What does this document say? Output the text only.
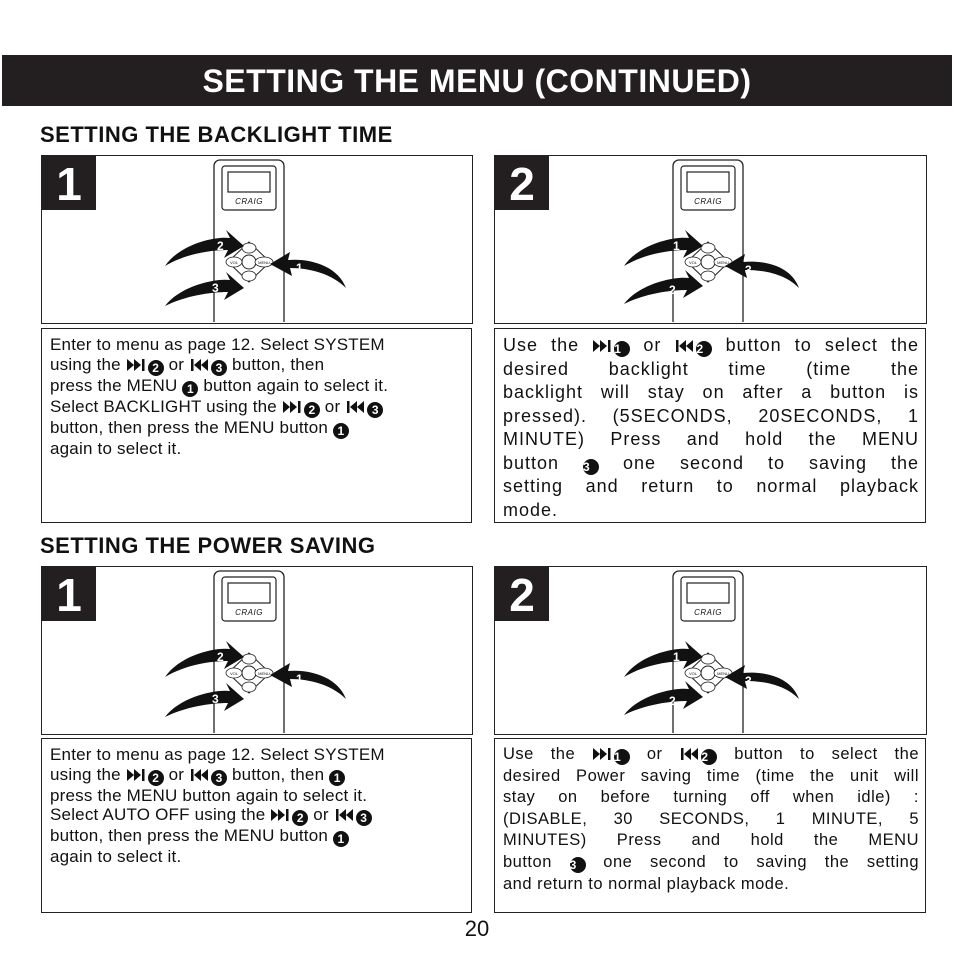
SETTING THE MENU (CONTINUED)
SETTING THE BACKLIGHT TIME
1	CRAIG
VOL	MENU
2
1
3
2	CRAIG
VOL	MENU
1
3
2

Enter to menu as page 12. Select SYSTEM

using the
2 or
3 button, then

press the MENU 1 button again to select it.

Select BACKLIGHT using the
2 or
3

button, then press the MENU button 1

again to select it.

Use the
1 or
2 button to select the

desired backlight time (time the

backlight will stay on after a button is

pressed). (5SECONDS, 20SECONDS, 1

MINUTE) Press and hold the MENU

button 3 one second to saving the

setting and return to normal playback

mode.

SETTING THE POWER SAVING
1	CRAIG
VOL	MENU
2
1
3
2	CRAIG
VOL	MENU
1
3
2

Enter to menu as page 12. Select SYSTEM

using the
2 or
3 button, then 1

press the MENU button again to select it.

Select AUTO OFF using the
2 or
3

button, then press the MENU button 1

again to select it.

Use the
1 or
2 button to select the

desired Power saving time (time the unit will

stay on before turning off when idle) :

(DISABLE, 30 SECONDS, 1 MINUTE, 5

MINUTES) Press and hold the MENU

button 3 one second to saving the setting

and return to normal playback mode.

20
